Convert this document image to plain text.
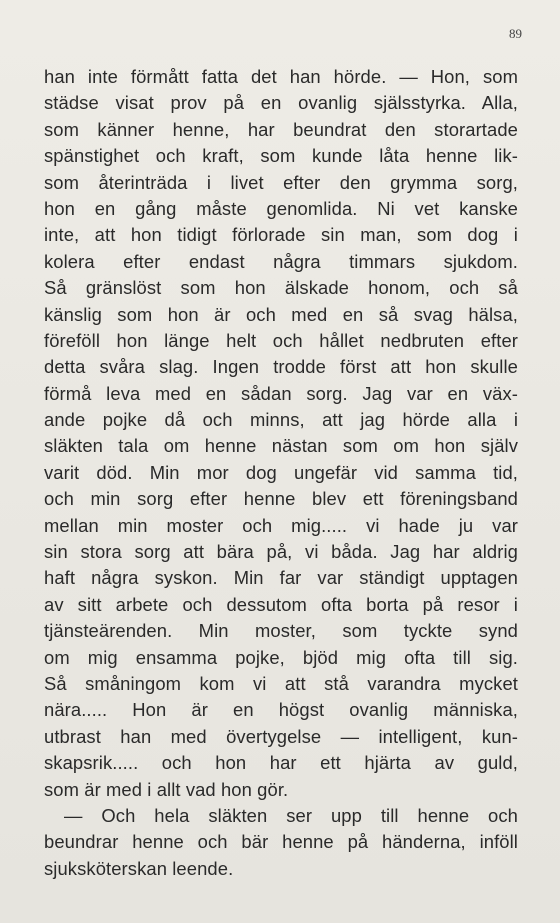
89
han inte förmått fatta det han hörde. — Hon, som
städse visat prov på en ovanlig själsstyrka. Alla,
som känner henne, har beundrat den storartade
spänstighet och kraft, som kunde låta henne lik-
som återinträda i livet efter den grymma sorg,
hon en gång måste genomlida. Ni vet kanske
inte, att hon tidigt förlorade sin man, som dog i
kolera efter endast några timmars sjukdom.
Så gränslöst som hon älskade honom, och så
känslig som hon är och med en så svag hälsa,
föreföll hon länge helt och hållet nedbruten efter
detta svåra slag. Ingen trodde först att hon skulle
förmå leva med en sådan sorg. Jag var en väx-
ande pojke då och minns, att jag hörde alla i
släkten tala om henne nästan som om hon själv
varit död. Min mor dog ungefär vid samma tid,
och min sorg efter henne blev ett föreningsband
mellan min moster och mig..... vi hade ju var
sin stora sorg att bära på, vi båda. Jag har aldrig
haft några syskon. Min far var ständigt upptagen
av sitt arbete och dessutom ofta borta på resor i
tjänsteärenden. Min moster, som tyckte synd
om mig ensamma pojke, bjöd mig ofta till sig.
Så småningom kom vi att stå varandra mycket
nära..... Hon är en högst ovanlig människa,
utbrast han med övertygelse — intelligent, kun-
skapsrik..... och hon har ett hjärta av guld,
som är med i allt vad hon gör.
— Och hela släkten ser upp till henne och
beundrar henne och bär henne på händerna, inföll
sjuksköterskan leende.
